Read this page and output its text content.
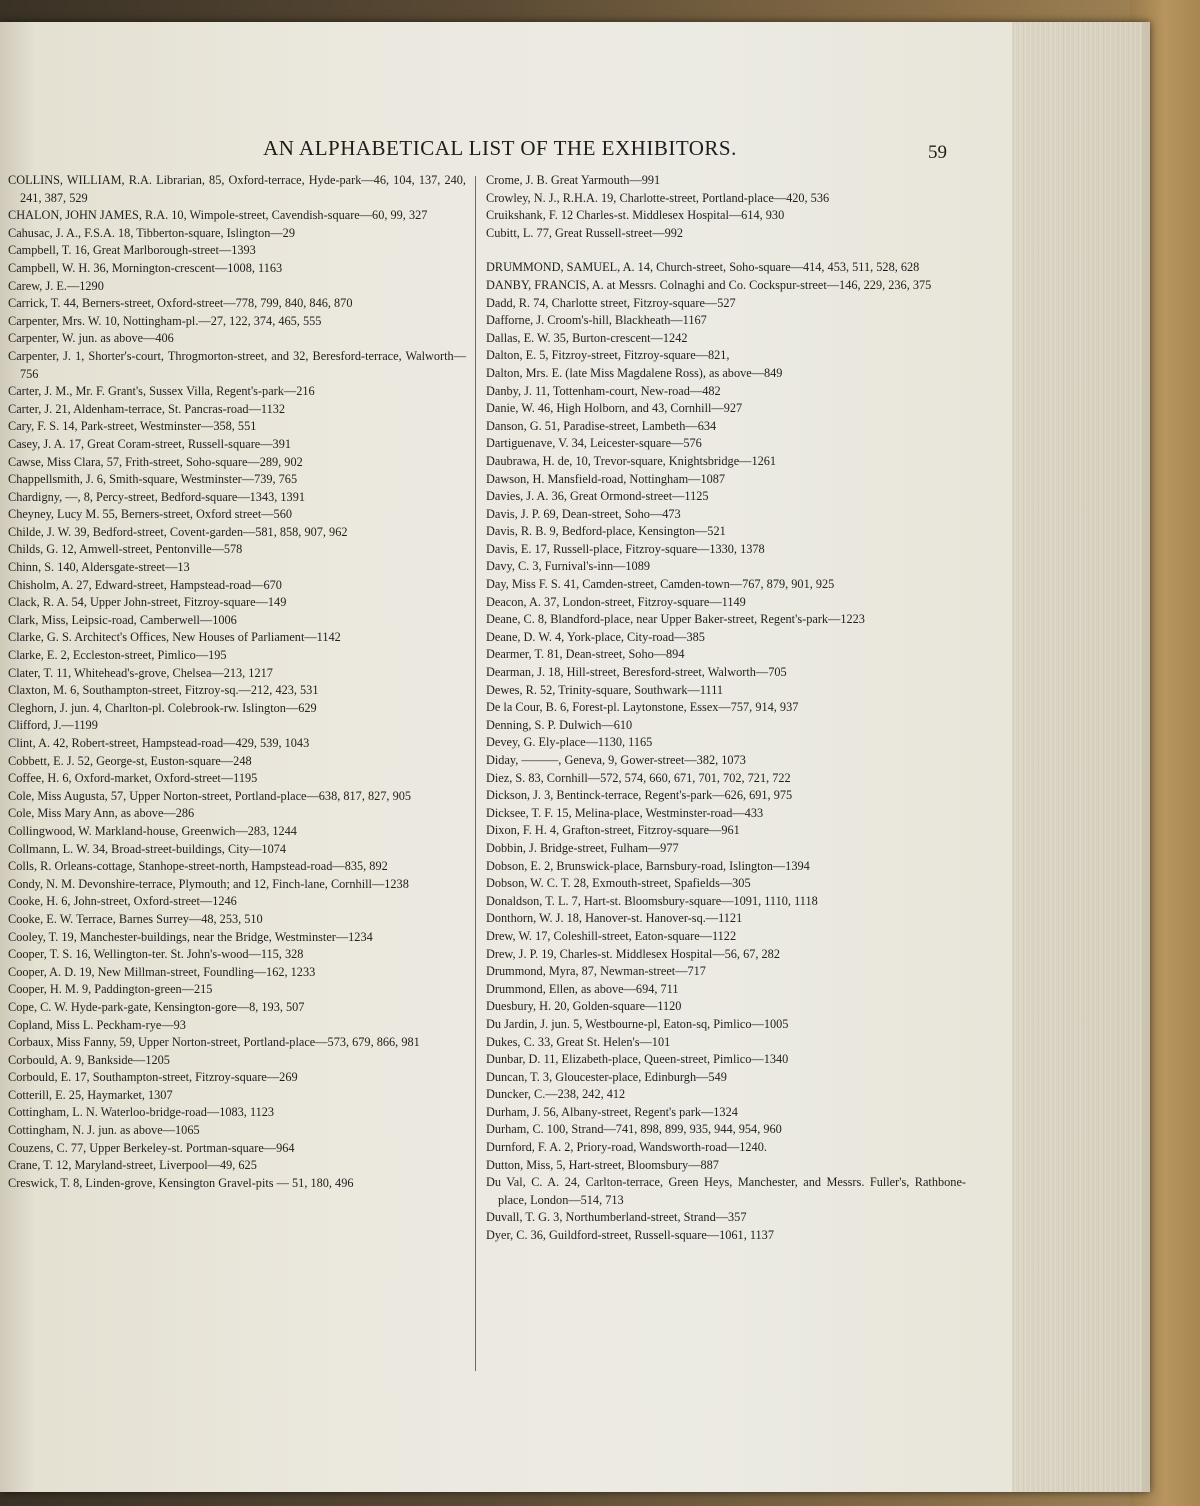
AN ALPHABETICAL LIST OF THE EXHIBITORS.	59
COLLINS, WILLIAM, R.A. Librarian, 85, Oxford-terrace, Hyde-park—46, 104, 137, 240, 241, 387, 529
CHALON, JOHN JAMES, R.A. 10, Wimpole-street, Cavendish-square—60, 99, 327
Cahusac, J. A., F.S.A. 18, Tibberton-square, Islington—29
Campbell, T. 16, Great Marlborough-street—1393
Campbell, W. H. 36, Mornington-crescent—1008, 1163
Carew, J. E.—1290
Carrick, T. 44, Berners-street, Oxford-street—778, 799, 840, 846, 870
Carpenter, Mrs. W. 10, Nottingham-pl.—27, 122, 374, 465, 555
Carpenter, W. jun. as above—406
Carpenter, J. 1, Shorter's-court, Throgmorton-street, and 32, Beresford-terrace, Walworth—756
Carter, J. M., Mr. F. Grant's, Sussex Villa, Regent's-park—216
Carter, J. 21, Aldenham-terrace, St. Pancras-road—1132
Cary, F. S. 14, Park-street, Westminster—358, 551
Casey, J. A. 17, Great Coram-street, Russell-square—391
Cawse, Miss Clara, 57, Frith-street, Soho-square—289, 902
Chappellsmith, J. 6, Smith-square, Westminster—739, 765
Chardigny, —, 8, Percy-street, Bedford-square—1343, 1391
Cheyney, Lucy M. 55, Berners-street, Oxford street—560
Childe, J. W. 39, Bedford-street, Covent-garden—581, 858, 907, 962
Childs, G. 12, Amwell-street, Pentonville—578
Chinn, S. 140, Aldersgate-street—13
Chisholm, A. 27, Edward-street, Hampstead-road—670
Clack, R. A. 54, Upper John-street, Fitzroy-square—149
Clark, Miss, Leipsic-road, Camberwell—1006
Clarke, G. S. Architect's Offices, New Houses of Parliament—1142
Clarke, E. 2, Eccleston-street, Pimlico—195
Clater, T. 11, Whitehead's-grove, Chelsea—213, 1217
Claxton, M. 6, Southampton-street, Fitzroy-sq.—212, 423, 531
Cleghorn, J. jun. 4, Charlton-pl. Colebrook-rw. Islington—629
Clifford, J.—1199
Clint, A. 42, Robert-street, Hampstead-road—429, 539, 1043
Cobbett, E. J. 52, George-st, Euston-square—248
Coffee, H. 6, Oxford-market, Oxford-street—1195
Cole, Miss Augusta, 57, Upper Norton-street, Portland-place—638, 817, 827, 905
Cole, Miss Mary Ann, as above—286
Collingwood, W. Markland-house, Greenwich—283, 1244
Collmann, L. W. 34, Broad-street-buildings, City—1074
Colls, R. Orleans-cottage, Stanhope-street-north, Hampstead-road—835, 892
Condy, N. M. Devonshire-terrace, Plymouth; and 12, Finch-lane, Cornhill—1238
Cooke, H. 6, John-street, Oxford-street—1246
Cooke, E. W. Terrace, Barnes Surrey—48, 253, 510
Cooley, T. 19, Manchester-buildings, near the Bridge, Westminster—1234
Cooper, T. S. 16, Wellington-ter. St. John's-wood—115, 328
Cooper, A. D. 19, New Millman-street, Foundling—162, 1233
Cooper, H. M. 9, Paddington-green—215
Cope, C. W. Hyde-park-gate, Kensington-gore—8, 193, 507
Copland, Miss L. Peckham-rye—93
Corbaux, Miss Fanny, 59, Upper Norton-street, Portland-place—573, 679, 866, 981
Corbould, A. 9, Bankside—1205
Corbould, E. 17, Southampton-street, Fitzroy-square—269
Cotterill, E. 25, Haymarket, 1307
Cottingham, L. N. Waterloo-bridge-road—1083, 1123
Cottingham, N. J. jun. as above—1065
Couzens, C. 77, Upper Berkeley-st. Portman-square—964
Crane, T. 12, Maryland-street, Liverpool—49, 625
Creswick, T. 8, Linden-grove, Kensington Gravel-pits — 51, 180, 496
Crome, J. B. Great Yarmouth—991
Crowley, N. J., R.H.A. 19, Charlotte-street, Portland-place—420, 536
Cruikshank, F. 12 Charles-st. Middlesex Hospital—614, 930
Cubitt, L. 77, Great Russell-street—992
DRUMMOND, SAMUEL, A. 14, Church-street, Soho-square—414, 453, 511, 528, 628
DANBY, FRANCIS, A. at Messrs. Colnaghi and Co. Cockspur-street—146, 229, 236, 375
Dadd, R. 74, Charlotte street, Fitzroy-square—527
Dafforne, J. Croom's-hill, Blackheath—1167
Dallas, E. W. 35, Burton-crescent—1242
Dalton, E. 5, Fitzroy-street, Fitzroy-square—821,
Dalton, Mrs. E. (late Miss Magdalene Ross), as above—849
Danby, J. 11, Tottenham-court, New-road—482
Danie, W. 46, High Holborn, and 43, Cornhill—927
Danson, G. 51, Paradise-street, Lambeth—634
Dartiguenave, V. 34, Leicester-square—576
Daubrawa, H. de, 10, Trevor-square, Knightsbridge—1261
Dawson, H. Mansfield-road, Nottingham—1087
Davies, J. A. 36, Great Ormond-street—1125
Davis, J. P. 69, Dean-street, Soho—473
Davis, R. B. 9, Bedford-place, Kensington—521
Davis, E. 17, Russell-place, Fitzroy-square—1330, 1378
Davy, C. 3, Furnival's-inn—1089
Day, Miss F. S. 41, Camden-street, Camden-town—767, 879, 901, 925
Deacon, A. 37, London-street, Fitzroy-square—1149
Deane, C. 8, Blandford-place, near Upper Baker-street, Regent's-park—1223
Deane, D. W. 4, York-place, City-road—385
Dearmer, T. 81, Dean-street, Soho—894
Dearman, J. 18, Hill-street, Beresford-street, Walworth—705
Dewes, R. 52, Trinity-square, Southwark—1111
De la Cour, B. 6, Forest-pl. Laytonstone, Essex—757, 914, 937
Denning, S. P. Dulwich—610
Devey, G. Ely-place—1130, 1165
Diday, ———, Geneva, 9, Gower-street—382, 1073
Diez, S. 83, Cornhill—572, 574, 660, 671, 701, 702, 721, 722
Dickson, J. 3, Bentinck-terrace, Regent's-park—626, 691, 975
Dicksee, T. F. 15, Melina-place, Westminster-road—433
Dixon, F. H. 4, Grafton-street, Fitzroy-square—961
Dobbin, J. Bridge-street, Fulham—977
Dobson, E. 2, Brunswick-place, Barnsbury-road, Islington—1394
Dobson, W. C. T. 28, Exmouth-street, Spafields—305
Donaldson, T. L. 7, Hart-st. Bloomsbury-square—1091, 1110, 1118
Donthorn, W. J. 18, Hanover-st. Hanover-sq.—1121
Drew, W. 17, Coleshill-street, Eaton-square—1122
Drew, J. P. 19, Charles-st. Middlesex Hospital—56, 67, 282
Drummond, Myra, 87, Newman-street—717
Drummond, Ellen, as above—694, 711
Duesbury, H. 20, Golden-square—1120
Du Jardin, J. jun. 5, Westbourne-pl, Eaton-sq, Pimlico—1005
Dukes, C. 33, Great St. Helen's—101
Dunbar, D. 11, Elizabeth-place, Queen-street, Pimlico—1340
Duncan, T. 3, Gloucester-place, Edinburgh—549
Duncker, C.—238, 242, 412
Durham, J. 56, Albany-street, Regent's park—1324
Durham, C. 100, Strand—741, 898, 899, 935, 944, 954, 960
Durnford, F. A. 2, Priory-road, Wandsworth-road—1240.
Dutton, Miss, 5, Hart-street, Bloomsbury—887
Du Val, C. A. 24, Carlton-terrace, Green Heys, Manchester, and Messrs. Fuller's, Rathbone-place, London—514, 713
Duvall, T. G. 3, Northumberland-street, Strand—357
Dyer, C. 36, Guildford-street, Russell-square—1061, 1137
